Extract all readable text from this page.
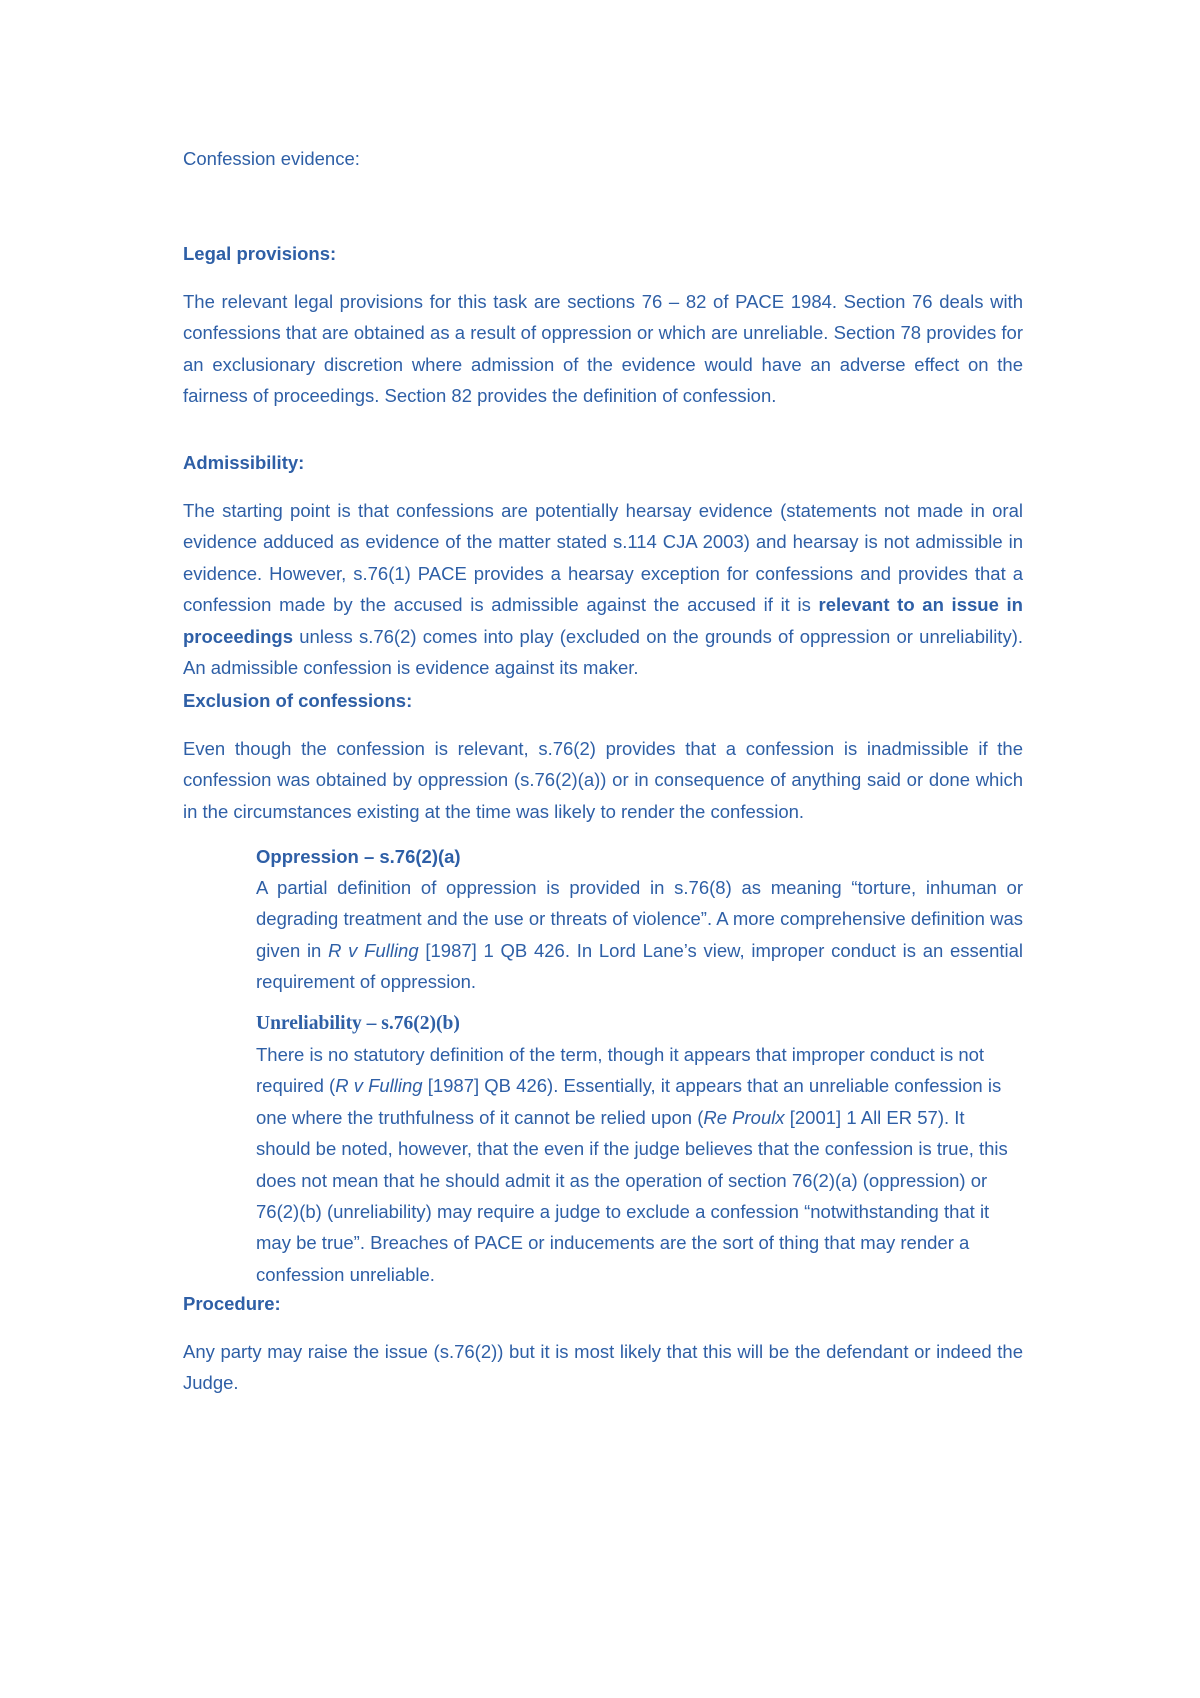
Confession evidence:
Legal provisions:

The relevant legal provisions for this task are sections 76 – 82 of PACE 1984. Section 76 deals with confessions that are obtained as a result of oppression or which are unreliable. Section 78 provides for an exclusionary discretion where admission of the evidence would have an adverse effect on the fairness of proceedings. Section 82 provides the definition of confession.

Admissibility:

The starting point is that confessions are potentially hearsay evidence (statements not made in oral evidence adduced as evidence of the matter stated s.114 CJA 2003) and hearsay is not admissible in evidence. However, s.76(1) PACE provides a hearsay exception for confessions and provides that a confession made by the accused is admissible against the accused if it is relevant to an issue in proceedings unless s.76(2) comes into play (excluded on the grounds of oppression or unreliability). An admissible confession is evidence against its maker.

Exclusion of confessions:

Even though the confession is relevant, s.76(2) provides that a confession is inadmissible if the confession was obtained by oppression (s.76(2)(a)) or in consequence of anything said or done which in the circumstances existing at the time was likely to render the confession.

Oppression – s.76(2)(a)

A partial definition of oppression is provided in s.76(8) as meaning “torture, inhuman or degrading treatment and the use or threats of violence”. A more comprehensive definition was given in R v Fulling [1987] 1 QB 426. In Lord Lane’s view, improper conduct is an essential requirement of oppression.

Unreliability – s.76(2)(b)

There is no statutory definition of the term, though it appears that improper conduct is not required (R v Fulling [1987] QB 426). Essentially, it appears that an unreliable confession is one where the truthfulness of it cannot be relied upon (Re Proulx [2001] 1 All ER 57). It should be noted, however, that the even if the judge believes that the confession is true, this does not mean that he should admit it as the operation of section 76(2)(a) (oppression) or 76(2)(b) (unreliability) may require a judge to exclude a confession “notwithstanding that it may be true”. Breaches of PACE or inducements are the sort of thing that may render a confession unreliable.

Procedure:

Any party may raise the issue (s.76(2)) but it is most likely that this will be the defendant or indeed the Judge.
